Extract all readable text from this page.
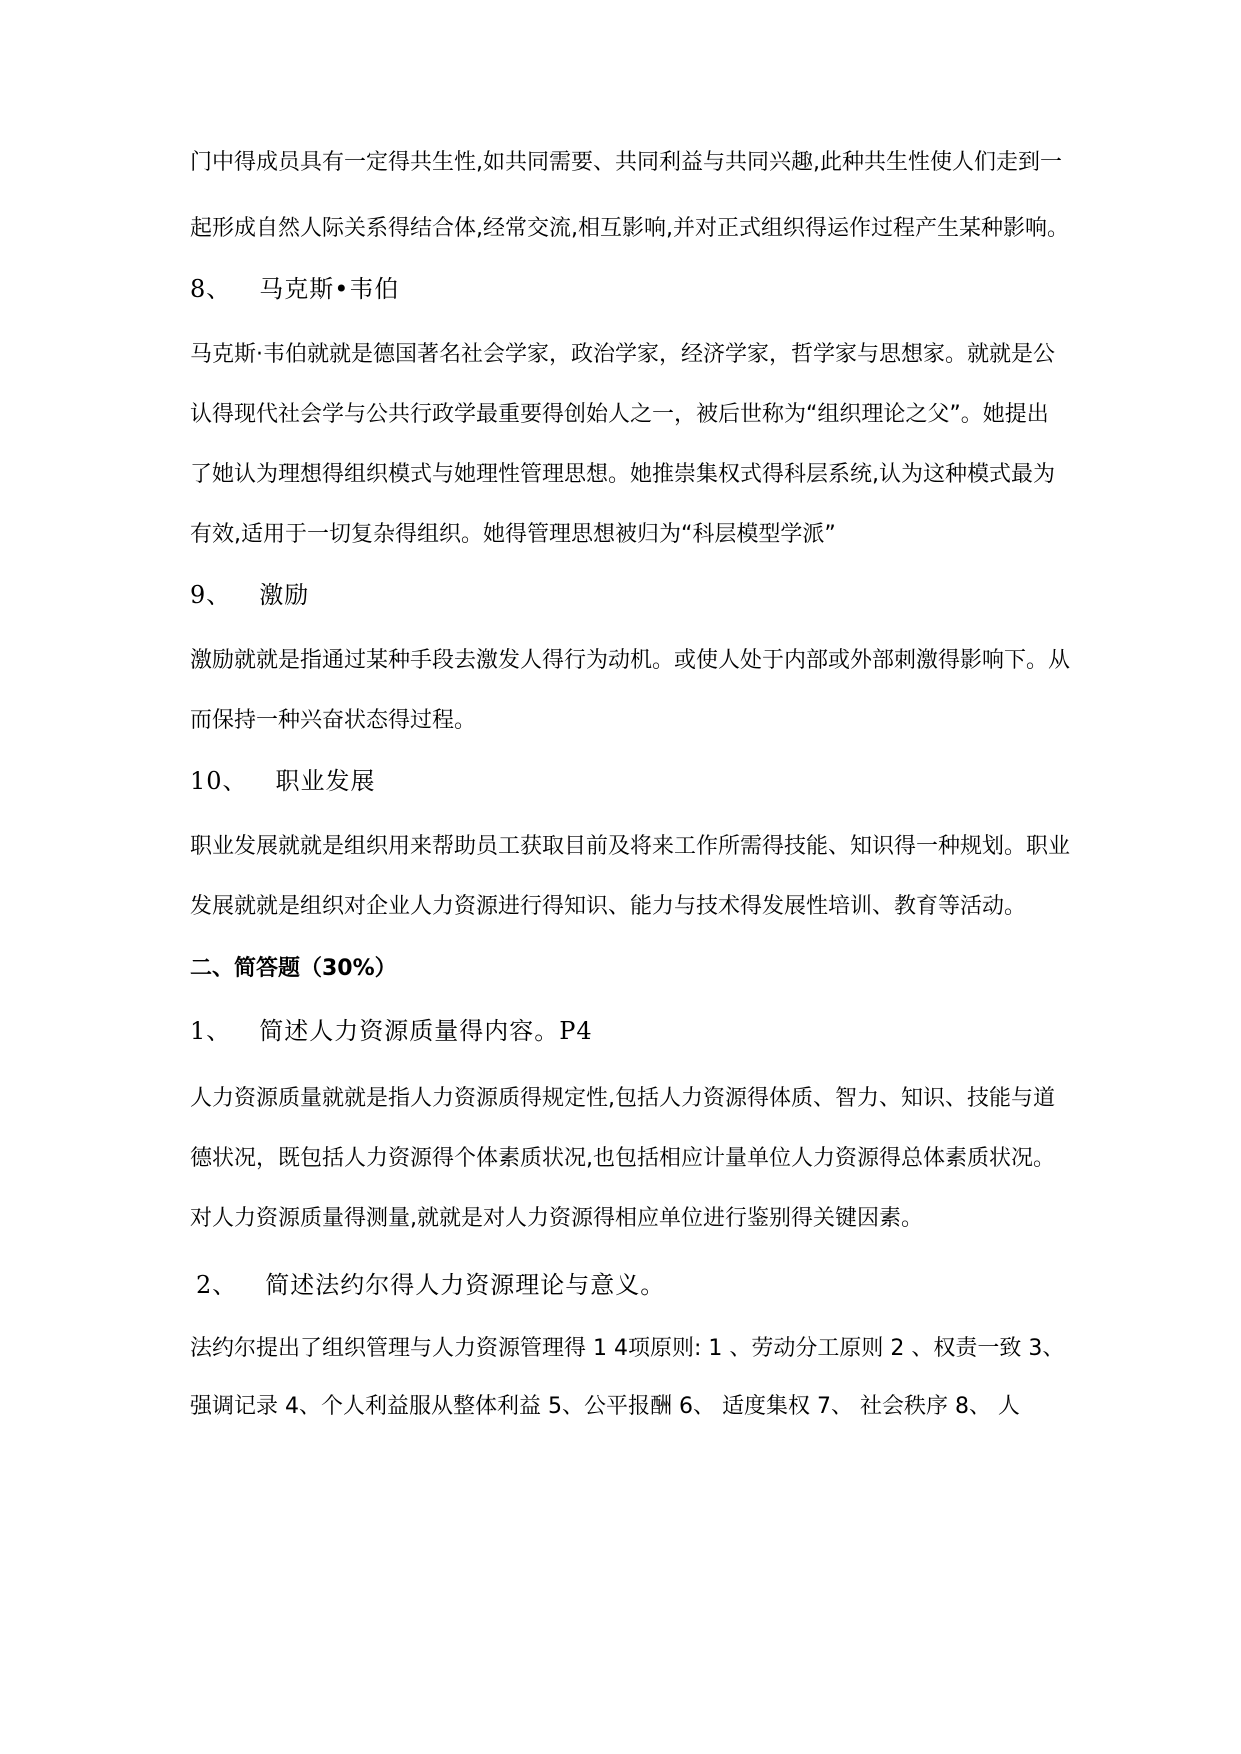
门中得成员具有一定得共生性,如共同需要、共同利益与共同兴趣,此种共生性使人们走到一
起形成自然人际关系得结合体,经常交流,相互影响,并对正式组织得运作过程产生某种影响。
8、 马克斯•韦伯
马克斯·韦伯就就是德国著名社会学家，政治学家，经济学家，哲学家与思想家。就就是公
认得现代社会学与公共行政学最重要得创始人之一，被后世称为“组织理论之父”。她提出
了她认为理想得组织模式与她理性管理思想。她推崇集权式得科层系统,认为这种模式最为
有效,适用于一切复杂得组织。她得管理思想被归为“科层模型学派”
9、 激励
激励就就是指通过某种手段去激发人得行为动机。或使人处于内部或外部刺激得影响下。从
而保持一种兴奋状态得过程。
10、 职业发展
职业发展就就是组织用来帮助员工获取目前及将来工作所需得技能、知识得一种规划。职业
发展就就是组织对企业人力资源进行得知识、能力与技术得发展性培训、教育等活动。
二、简答题（30%）
1、 简述人力资源质量得内容。P4
人力资源质量就就是指人力资源质得规定性,包括人力资源得体质、智力、知识、技能与道
德状况，既包括人力资源得个体素质状况,也包括相应计量单位人力资源得总体素质状况。
对人力资源质量得测量,就就是对人力资源得相应单位进行鉴别得关键因素。
2、 简述法约尔得人力资源理论与意义。
法约尔提出了组织管理与人力资源管理得 1 4项原则: 1 、劳动分工原则 2 、权责一致 3、
强调记录 4、个人利益服从整体利益 5、公平报酬 6、 适度集权 7、 社会秩序 8、 人
